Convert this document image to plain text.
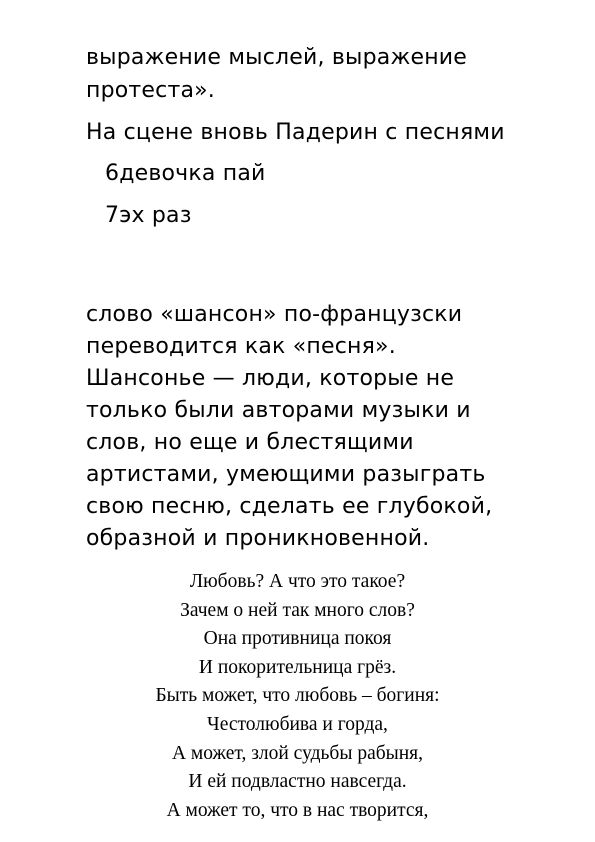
выражение мыслей, выражение
протеста».
На сцене вновь Падерин с песнями
6девочка пай
7эх раз
слово «шансон» по-французски
переводится как «песня».
Шансонье — люди, которые не
только были авторами музыки и
слов, но еще и блестящими
артистами, умеющими разыграть
свою песню, сделать ее глубокой,
образной и проникновенной.
Любовь? А что это такое?
Зачем о ней так много слов?
Она противница покоя
И покорительница грёз.
Быть может, что любовь – богиня:
Честолюбива и горда,
А может, злой судьбы рабыня,
И ей подвластно навсегда.
А может то, что в нас творится,
